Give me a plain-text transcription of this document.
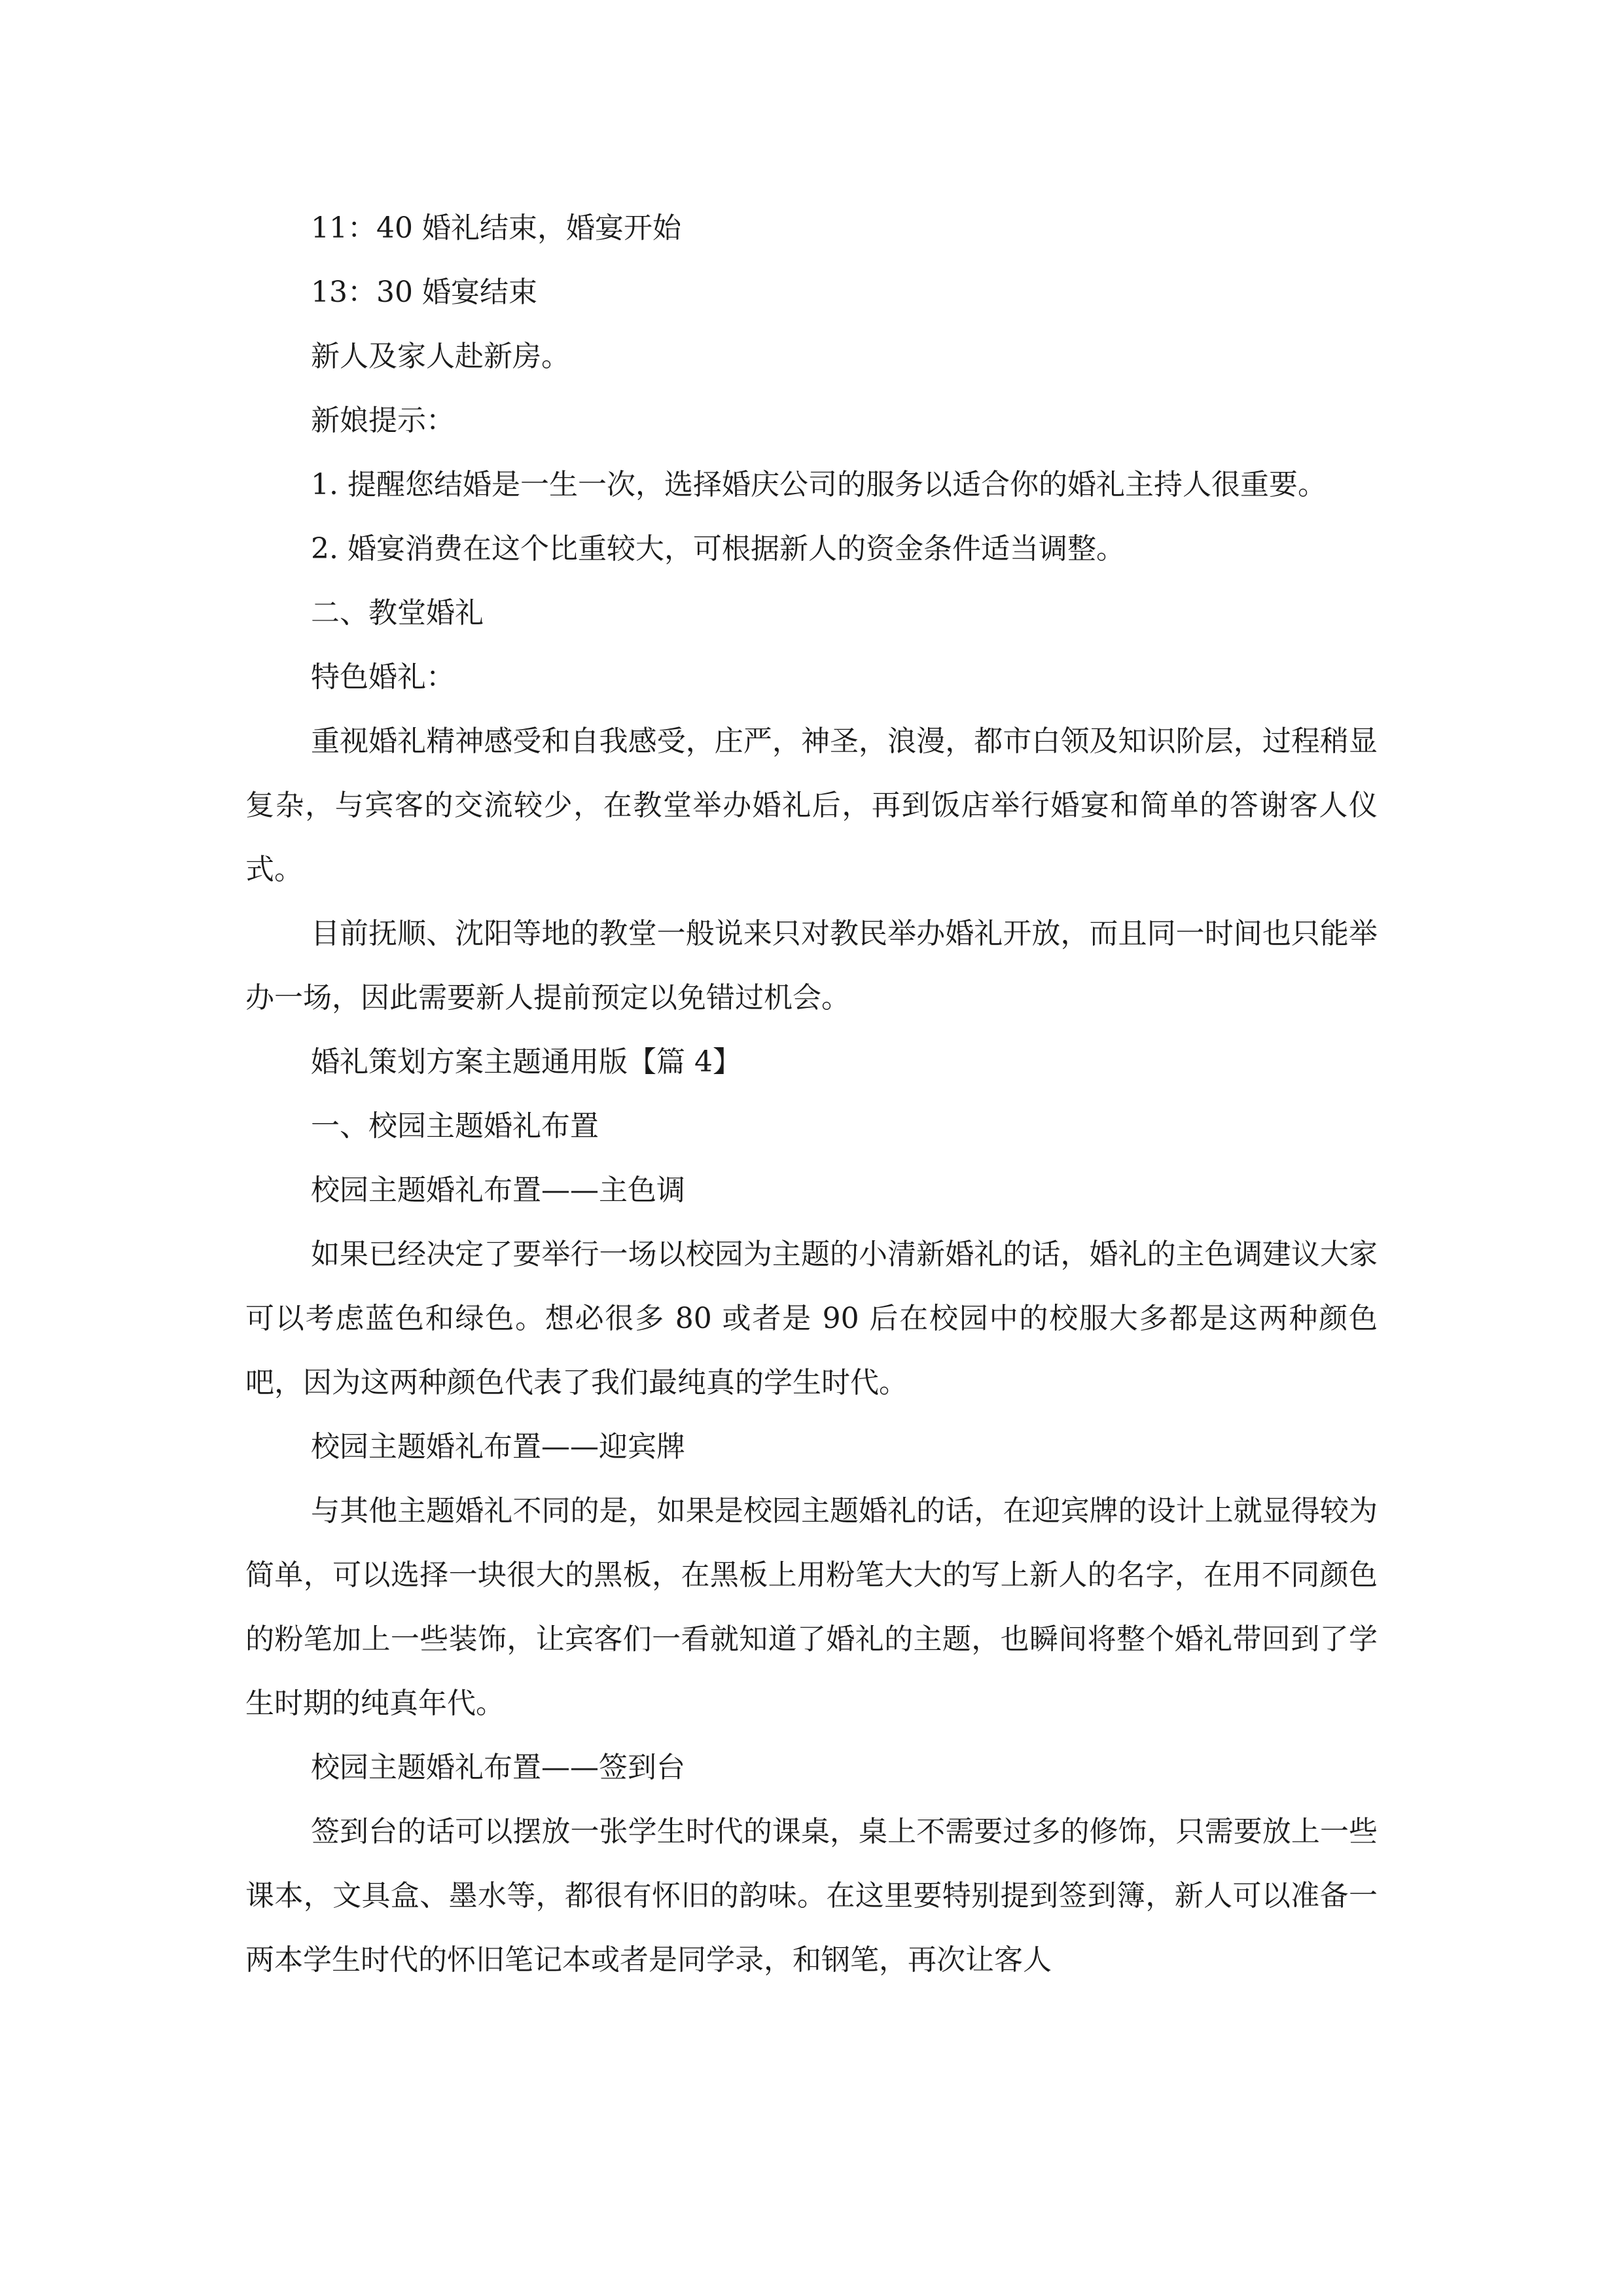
11：40 婚礼结束，婚宴开始

13：30 婚宴结束

新人及家人赴新房。

新娘提示：

1. 提醒您结婚是一生一次，选择婚庆公司的服务以适合你的婚礼主持人很重要。

2. 婚宴消费在这个比重较大，可根据新人的资金条件适当调整。

二、教堂婚礼

特色婚礼：

重视婚礼精神感受和自我感受，庄严，神圣，浪漫，都市白领及知识阶层，过程稍显复杂，与宾客的交流较少，在教堂举办婚礼后，再到饭店举行婚宴和简单的答谢客人仪式。

目前抚顺、沈阳等地的教堂一般说来只对教民举办婚礼开放，而且同一时间也只能举办一场，因此需要新人提前预定以免错过机会。

婚礼策划方案主题通用版【篇 4】

一、校园主题婚礼布置

校园主题婚礼布置——主色调

如果已经决定了要举行一场以校园为主题的小清新婚礼的话，婚礼的主色调建议大家可以考虑蓝色和绿色。想必很多 80 或者是 90 后在校园中的校服大多都是这两种颜色吧，因为这两种颜色代表了我们最纯真的学生时代。

校园主题婚礼布置——迎宾牌

与其他主题婚礼不同的是，如果是校园主题婚礼的话，在迎宾牌的设计上就显得较为简单，可以选择一块很大的黑板，在黑板上用粉笔大大的写上新人的名字，在用不同颜色的粉笔加上一些装饰，让宾客们一看就知道了婚礼的主题，也瞬间将整个婚礼带回到了学生时期的纯真年代。

校园主题婚礼布置——签到台

签到台的话可以摆放一张学生时代的课桌，桌上不需要过多的修饰，只需要放上一些课本，文具盒、墨水等，都很有怀旧的韵味。在这里要特别提到签到簿，新人可以准备一两本学生时代的怀旧笔记本或者是同学录，和钢笔，再次让客人
